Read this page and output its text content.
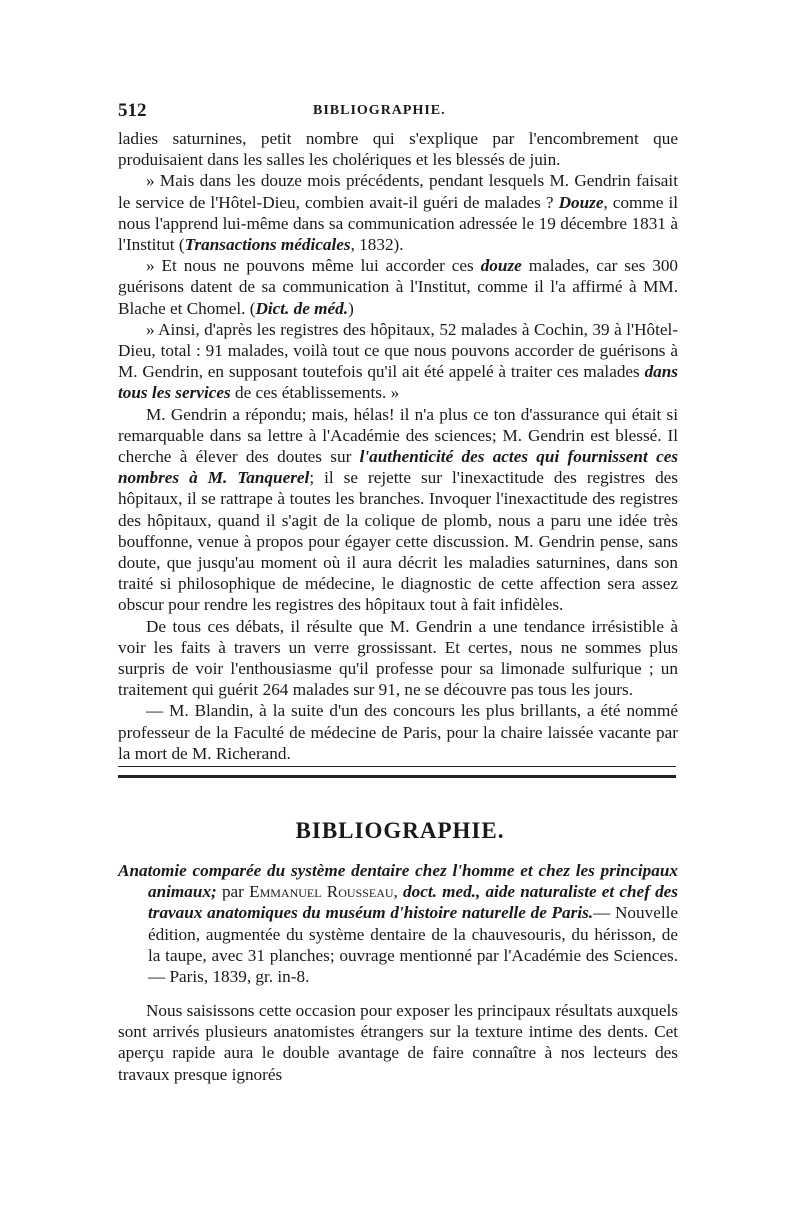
512	BIBLIOGRAPHIE.

ladies saturnines, petit nombre qui s'explique par l'encombrement que produisaient dans les salles les cholériques et les blessés de juin.

» Mais dans les douze mois précédents, pendant lesquels M. Gendrin faisait le service de l'Hôtel-Dieu, combien avait-il guéri de malades ? Douze, comme il nous l'apprend lui-même dans sa communication adressée le 19 décembre 1831 à l'Institut (Transactions médicales, 1832).

» Et nous ne pouvons même lui accorder ces douze malades, car ses 300 guérisons datent de sa communication à l'Institut, comme il l'a affirmé à MM. Blache et Chomel. (Dict. de méd.)

» Ainsi, d'après les registres des hôpitaux, 52 malades à Cochin, 39 à l'Hôtel-Dieu, total : 91 malades, voilà tout ce que nous pouvons accorder de guérisons à M. Gendrin, en supposant toutefois qu'il ait été appelé à traiter ces malades dans tous les services de ces établissements. »

M. Gendrin a répondu; mais, hélas! il n'a plus ce ton d'assurance qui était si remarquable dans sa lettre à l'Académie des sciences; M. Gendrin est blessé. Il cherche à élever des doutes sur l'authenticité des actes qui fournissent ces nombres à M. Tanquerel; il se rejette sur l'inexactitude des registres des hôpitaux, il se rattrape à toutes les branches. Invoquer l'inexactitude des registres des hôpitaux, quand il s'agit de la colique de plomb, nous a paru une idée très bouffonne, venue à propos pour égayer cette discussion. M. Gendrin pense, sans doute, que jusqu'au moment où il aura décrit les maladies saturnines, dans son traité si philosophique de médecine, le diagnostic de cette affection sera assez obscur pour rendre les registres des hôpitaux tout à fait infidèles.

De tous ces débats, il résulte que M. Gendrin a une tendance irrésistible à voir les faits à travers un verre grossissant. Et certes, nous ne sommes plus surpris de voir l'enthousiasme qu'il professe pour sa limonade sulfurique ; un traitement qui guérit 264 malades sur 91, ne se découvre pas tous les jours.

— M. Blandin, à la suite d'un des concours les plus brillants, a été nommé professeur de la Faculté de médecine de Paris, pour la chaire laissée vacante par la mort de M. Richerand.

BIBLIOGRAPHIE.

Anatomie comparée du système dentaire chez l'homme et chez les principaux animaux; par Emmanuel Rousseau, doct. med., aide naturaliste et chef des travaux anatomiques du muséum d'histoire naturelle de Paris.— Nouvelle édition, augmentée du système dentaire de la chauvesouris, du hérisson, de la taupe, avec 31 planches; ouvrage mentionné par l'Académie des Sciences. — Paris, 1839, gr. in-8.

Nous saisissons cette occasion pour exposer les principaux résultats auxquels sont arrivés plusieurs anatomistes étrangers sur la texture intime des dents. Cet aperçu rapide aura le double avantage de faire connaître à nos lecteurs des travaux presque ignorés
